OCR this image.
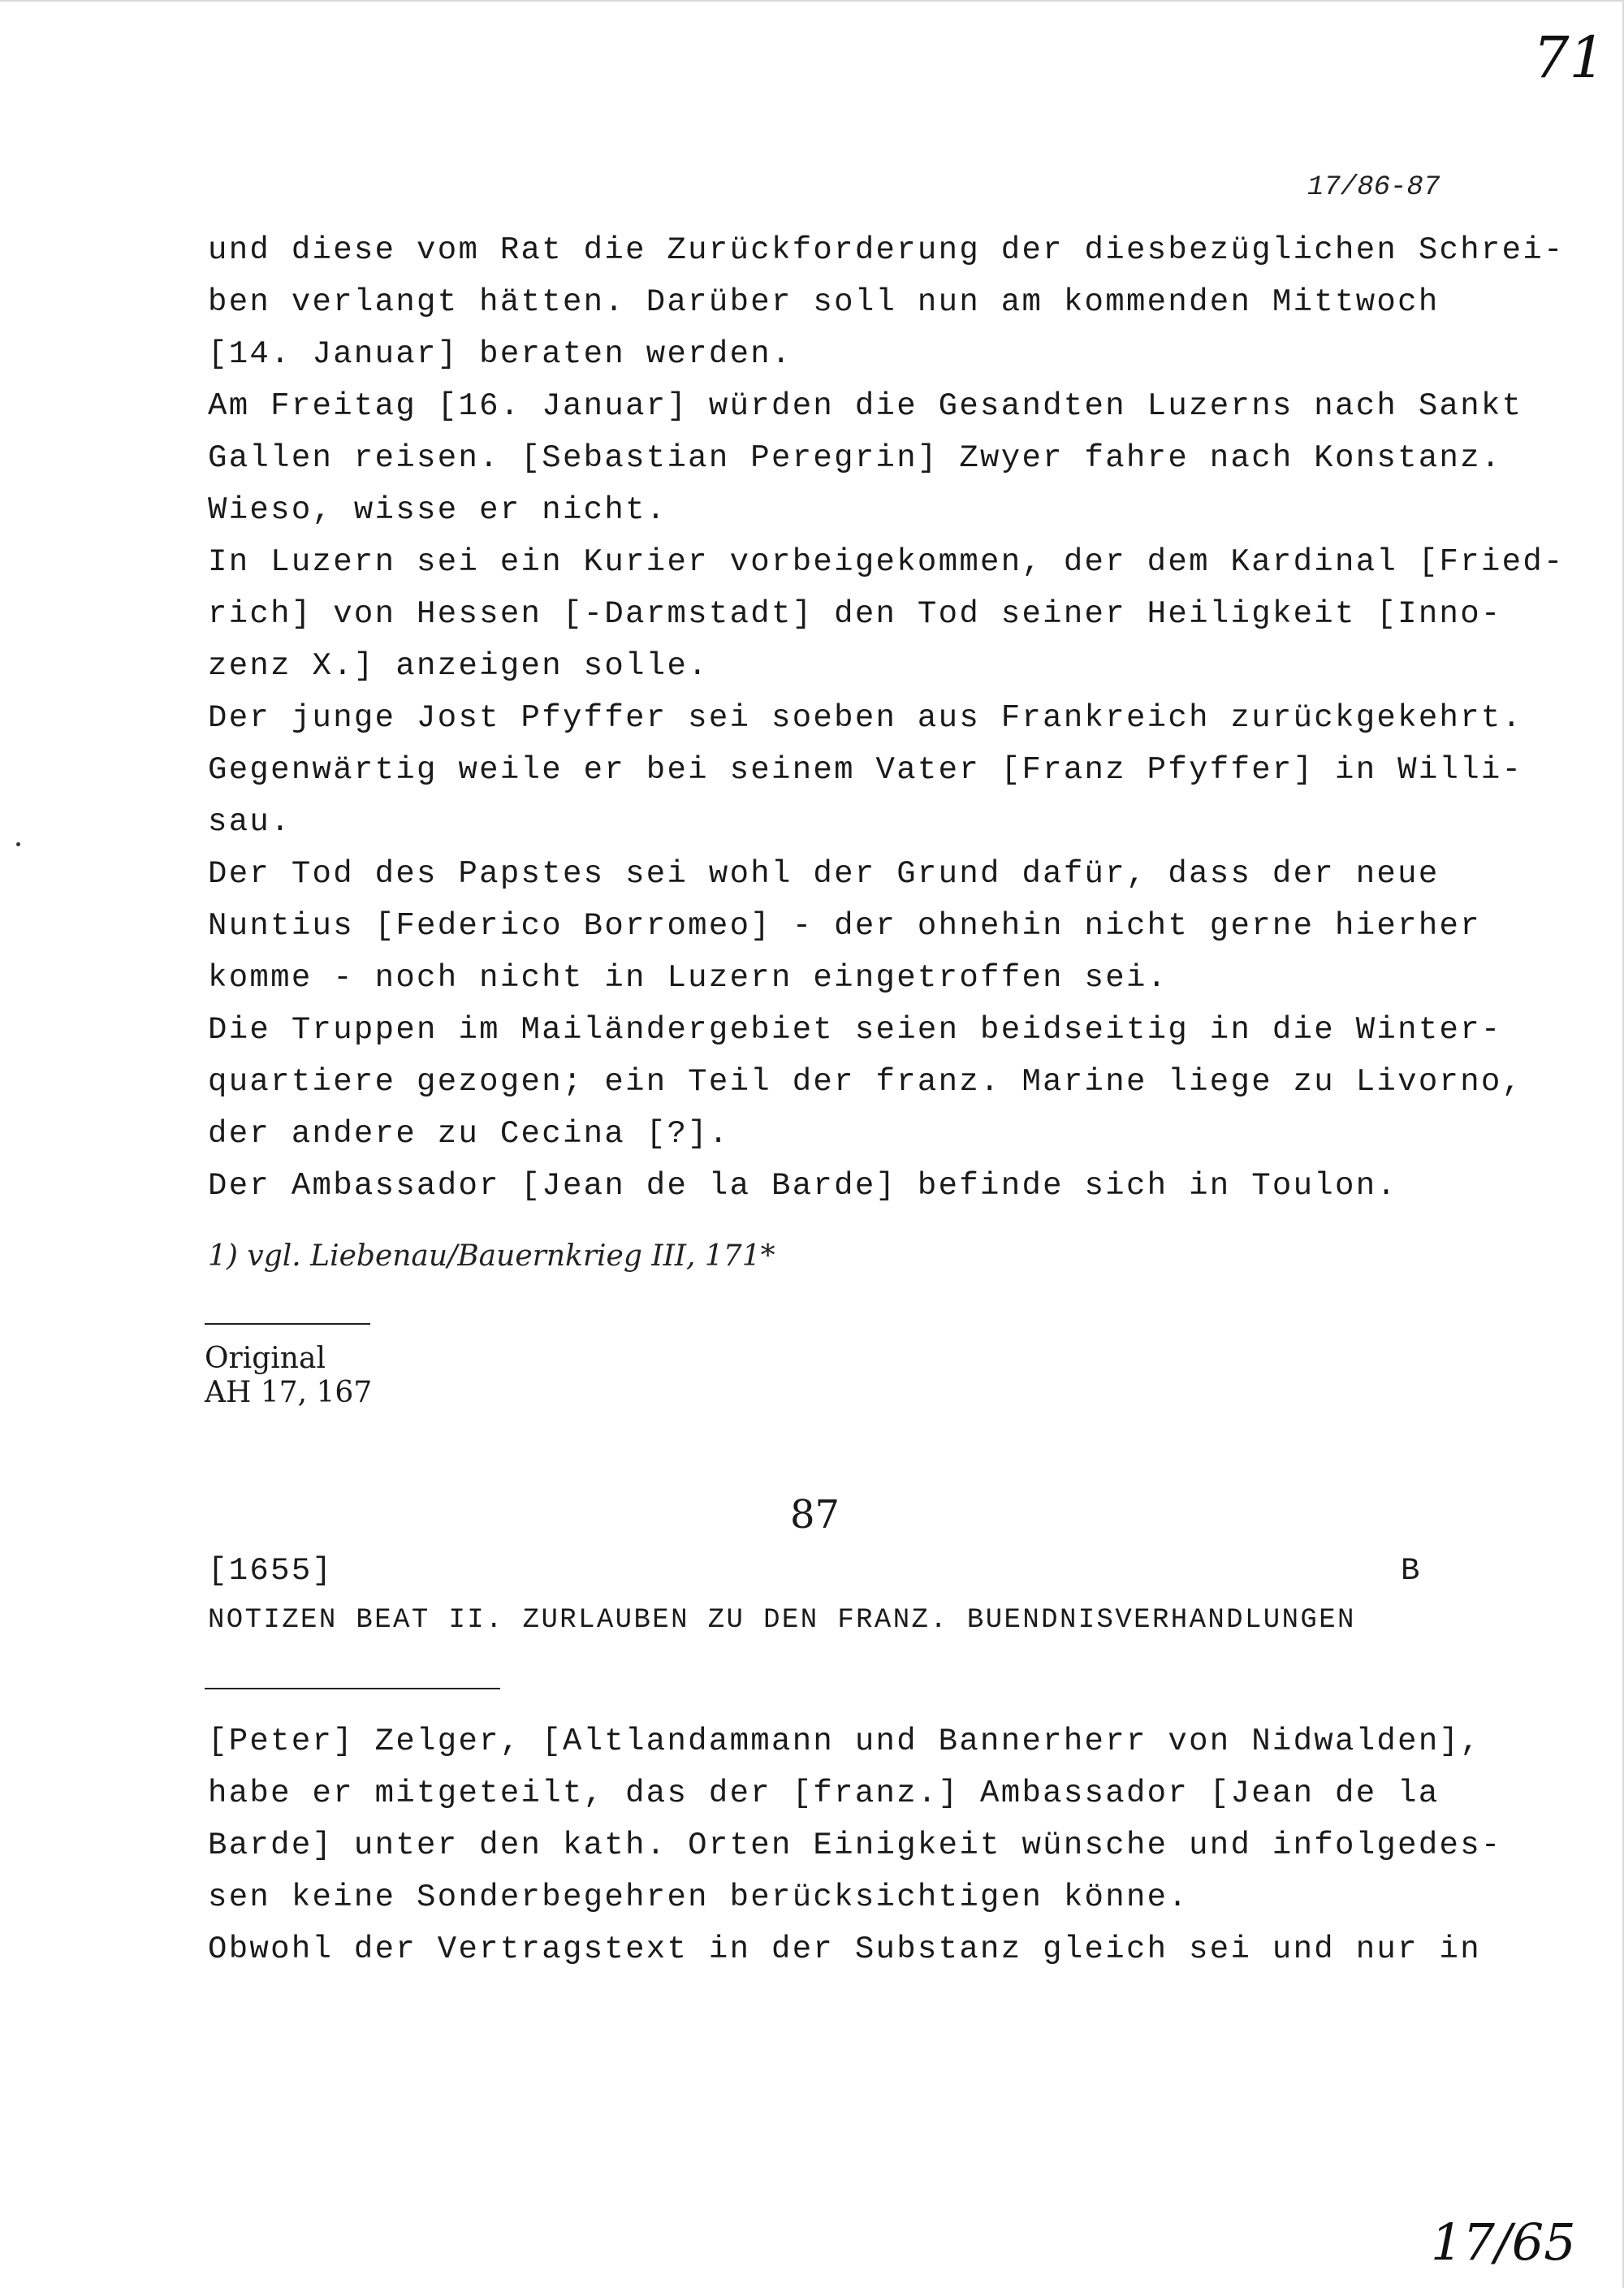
71
17/86-87
und diese vom Rat die Zurückforderung der diesbezüglichen Schrei-
ben verlangt hätten. Darüber soll nun am kommenden Mittwoch
[14. Januar] beraten werden.
Am Freitag [16. Januar] würden die Gesandten Luzerns nach Sankt
Gallen reisen. [Sebastian Peregrin] Zwyer fahre nach Konstanz.
Wieso, wisse er nicht.
In Luzern sei ein Kurier vorbeigekommen, der dem Kardinal [Fried-
rich] von Hessen [-Darmstadt] den Tod seiner Heiligkeit [Inno-
zenz X.] anzeigen solle.
Der junge Jost Pfyffer sei soeben aus Frankreich zurückgekehrt.
Gegenwärtig weile er bei seinem Vater [Franz Pfyffer] in Willi-
sau.
Der Tod des Papstes sei wohl der Grund dafür, dass der neue
Nuntius [Federico Borromeo] - der ohnehin nicht gerne hierher
komme - noch nicht in Luzern eingetroffen sei.
Die Truppen im Mailändergebiet seien beidseitig in die Winter-
quartiere gezogen; ein Teil der franz. Marine liege zu Livorno,
der andere zu Cecina [?].
Der Ambassador [Jean de la Barde] befinde sich in Toulon.
1) vgl. Liebenau/Bauernkrieg III, 171*
Original
AH 17, 167
87
[1655]	B
NOTIZEN BEAT II. ZURLAUBEN ZU DEN FRANZ. BUENDNISVERHANDLUNGEN
[Peter] Zelger, [Altlandammann und Bannerherr von Nidwalden],
habe er mitgeteilt, das der [franz.] Ambassador [Jean de la
Barde] unter den kath. Orten Einigkeit wünsche und infolgedes-
sen keine Sonderbegehren berücksichtigen könne.
Obwohl der Vertragstext in der Substanz gleich sei und nur in
17/65
